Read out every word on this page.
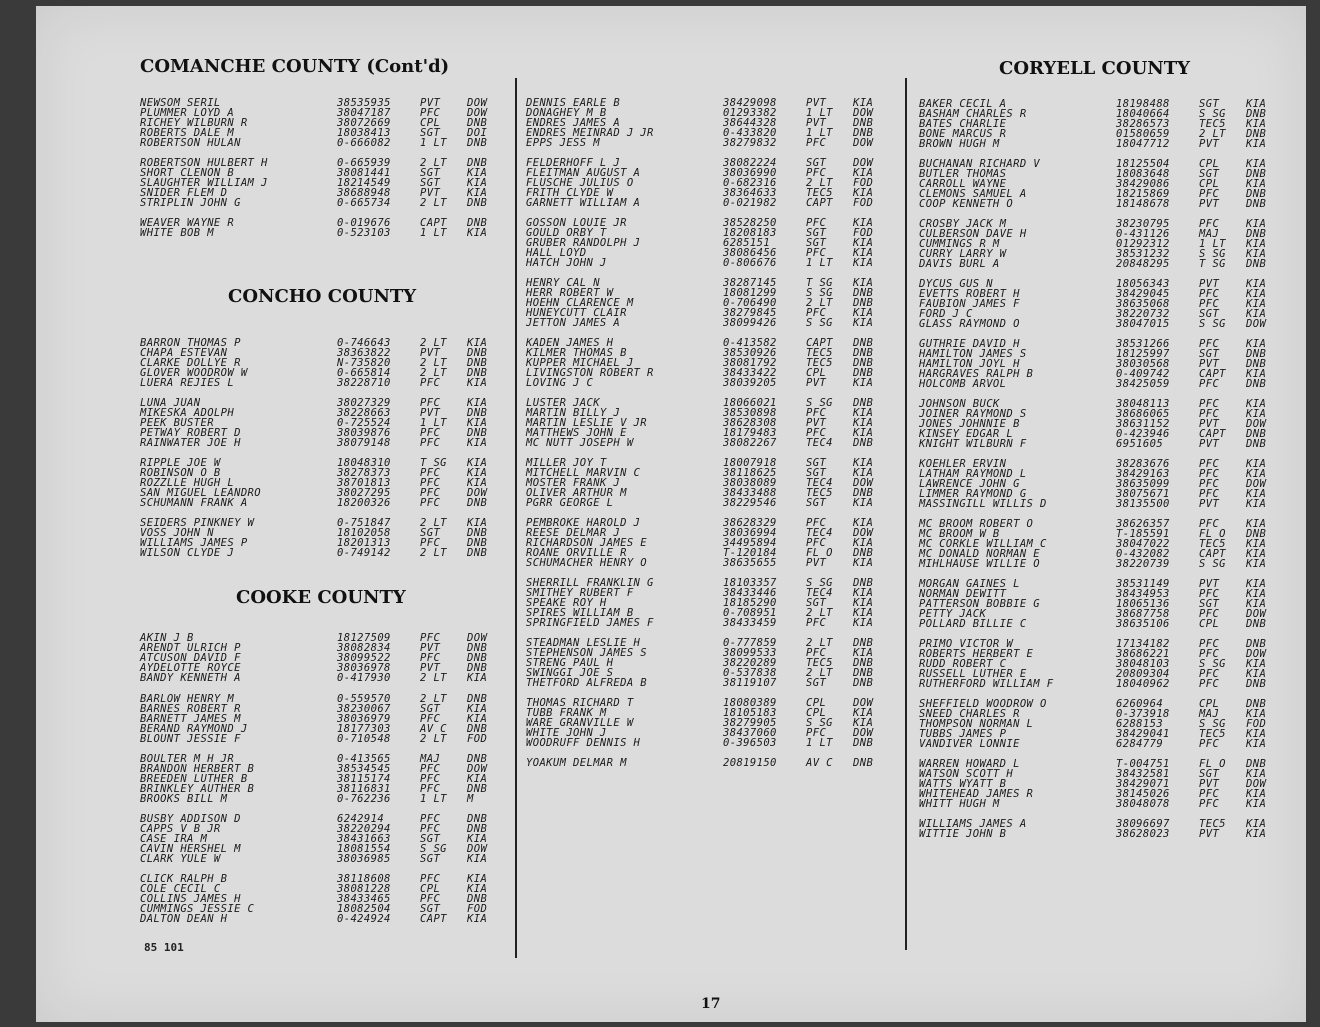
COMANCHE COUNTY (Cont'd)
NEWSOM SERIL	38535935	PVT	DOW
PLUMMER LOYD A	38047187	PFC	DOW
RICHEY WILBURN R	38072669	CPL	DNB
ROBERTS DALE M	18038413	SGT	DOI
ROBERTSON HULAN	0-666082	1 LT DNB
ROBERTSON HULBERT H	0-665939	2 LT DNB
SHORT CLENON B	38081441	SGT	KIA
SLAUGHTER WILLIAM J	18214549	SGT	KIA
SNIDER FLEM D	38688948	PVT	KIA
STRIPLIN JOHN G	0-665734	2 LT DNB
WEAVER WAYNE R	0-019676	CAPT DNB
WHITE BOB M	0-523103	1 LT KIA
CONCHO COUNTY
BARRON THOMAS P	0-746643	2 LT KIA
CHAPA ESTEVAN	38363822	PVT	DNB
CLARKE DOLLYE R	N-735820	2 LT DNB
GLOVER WOODROW W	0-665814	2 LT DNB
LUERA REJIES L	38228710	PFC	KIA
LUNA JUAN	38027329	PFC	KIA
MIKESKA ADOLPH	38228663	PVT	DNB
PEEK BUSTER	0-725524	1 LT KIA
PETWAY ROBERT D	38039876	PFC	DNB
RAINWATER JOE H	38079148	PFC	KIA
RIPPLE JOE W	18048310	T SG KIA
ROBINSON O B	38278373	PFC	KIA
ROZZLLE HUGH L	38701813	PFC	KIA
SAN MIGUEL LEANDRO	38027295	PFC	DOW
SCHUMANN FRANK A	18200326	PFC	DNB
SEIDERS PINKNEY W	0-751847	2 LT KIA
VOSS JOHN N	18102058	SGT	DNB
WILLIAMS JAMES P	18201313	PFC	DNB
WILSON CLYDE J	0-749142	2 LT DNB
COOKE COUNTY
AKIN J B	18127509	PFC	DOW
ARENDT ULRICH P	38082834	PVT	DNB
ATCUSON DAVID F	38099522	PFC	DNB
AYDELOTTE ROYCE	38036978	PVT	DNB
BANDY KENNETH A	0-417930	2 LT KIA
BARLOW HENRY M	0-559570	2 LT DNB
BARNES ROBERT R	38230067	SGT	KIA
BARNETT JAMES M	38036979	PFC	KIA
BERAND RAYMOND J	18177303	AV C DNB
BLOUNT JESSIE F	0-710548	2 LT FOD
BOULTER M H JR	0-413565	MAJ	DNB
BRANDON HERBERT B	38534545	PFC	DOW
BREEDEN LUTHER B	38115174	PFC	KIA
BRINKLEY AUTHER B	38116831	PFC	DNB
BROOKS BILL M	0-762236	1 LT M
BUSBY ADDISON D	6242914	PFC	DNB
CAPPS V B JR	38220294	PFC	DNB
CASE IRA M	38431663	SGT	KIA
CAVIN HERSHEL M	18081554	S SG DOW
CLARK YULE W	38036985	SGT	KIA
CLICK RALPH B	38118608	PFC	KIA
COLE CECIL C	38081228	CPL	KIA
COLLINS JAMES H	38433465	PFC	DNB
CUMMINGS JESSIE C	18082504	SGT	FOD
DALTON DEAN H	0-424924	CAPT KIA
DENNIS EARLE B	38429098	PVT	KIA
DONAGHEY M B	01293382	1 LT DOW
ENDRES JAMES A	38644328	PVT	DNB
ENDRES MEINRAD J JR	0-433820	1 LT DNB
EPPS JESS M	38279832	PFC	DOW
FELDERHOFF L J	38082224	SGT	DOW
FLEITMAN AUGUST A	38036990	PFC	KIA
FLUSCHE JULIUS O	0-682316	2 LT FOD
FRITH CLYDE W	38364633	TEC5 KIA
GARNETT WILLIAM A	0-021982	CAPT FOD
GOSSON LOUIE JR	38528250	PFC	KIA
GOULD ORBY T	18208183	SGT	FOD
GRUBER RANDOLPH J	6285151	SGT	KIA
HALL LOYD	38086456	PFC	KIA
HATCH JOHN J	0-806676	1 LT KIA
HENRY CAL N	38287145	T SG KIA
HERR ROBERT W	18081299	S SG DNB
HOEHN CLARENCE M	0-706490	2 LT DNB
HUNEYCUTT CLAIR	38279845	PFC	KIA
JETTON JAMES A	38099426	S SG KIA
KADEN JAMES H	0-413582	CAPT DNB
KILMER THOMAS B	38530926	TEC5 DNB
KUPPER MICHAEL J	38081792	TEC5 DNB
LIVINGSTON ROBERT R	38433422	CPL	DNB
LOVING J C	38039205	PVT	KIA
LUSTER JACK	18066021	S SG DNB
MARTIN BILLY J	38530898	PFC	KIA
MARTIN LESLIE V JR	38628308	PVT	KIA
MATTHEWS JOHN E	18179483	PFC	KIA
MC NUTT JOSEPH W	38082267	TEC4 DNB
MILLER JOY T	18007918	SGT	KIA
MITCHELL MARVIN C	38118625	SGT	KIA
MOSTER FRANK J	38038089	TEC4 DOW
OLIVER ARTHUR M	38433488	TEC5 DNB
PGRR GEORGE L	38229546	SGT	KIA
PEMBROKE HAROLD J	38628329	PFC	KIA
REESE DELMAR J	38036994	TEC4 DOW
RICHARDSON JAMES E	34495894	PFC	KIA
ROANE ORVILLE R	T-120184	FL O DNB
SCHUMACHER HENRY O	38635655	PVT	KIA
SHERRILL FRANKLIN G	18103357	S SG DNB
SMITHEY RUBERT F	38433446	TEC4 KIA
SPEAKE ROY H	18185290	SGT	KIA
SPIRES WILLIAM B	0-708951	2 LT KIA
SPRINGFIELD JAMES F	38433459	PFC	KIA
STEADMAN LESLIE H	0-777859	2 LT DNB
STEPHENSON JAMES S	38099533	PFC	KIA
STRENG PAUL H	38220289	TEC5 DNB
SWINGGI JOE S	0-537838	2 LT DNB
THETFORD ALFREDA B	38119107	SGT	DNB
THOMAS RICHARD T	18080389	CPL	DOW
TUBB FRANK M	18105183	CPL	KIA
WARE GRANVILLE W	38279905	S SG KIA
WHITE JOHN J	38437060	PFC	DOW
WOODRUFF DENNIS H	0-396503	1 LT DNB
YOAKUM DELMAR M	20819150	AV C DNB
CORYELL COUNTY
BAKER CECIL A	18198488	SGT	KIA
BASHAM CHARLES R	18040664	S SG DNB
BATES CHARLIE	38286573	TEC5 KIA
BONE MARCUS R	01580659	2 LT DNB
BROWN HUGH M	18047712	PVT	KIA
BUCHANAN RICHARD V	18125504	CPL	KIA
BUTLER THOMAS	18083648	SGT	DNB
CARROLL WAYNE	38429086	CPL	KIA
CLEMONS SAMUEL A	18215869	PFC	DNB
COOP KENNETH O	18148678	PVT	DNB
CROSBY JACK M	38230795	PFC	KIA
CULBERSON DAVE H	0-431126	MAJ	DNB
CUMMINGS R M	01292312	1 LT KIA
CURRY LARRY W	38531232	S SG KIA
DAVIS BURL A	20848295	T SG DNB
DYCUS GUS N	18056343	PVT	KIA
EVETTS ROBERT H	38429045	PFC	KIA
FAUBION JAMES F	38635068	PFC	KIA
FORD J C	38220732	SGT	KIA
GLASS RAYMOND O	38047015	S SG DOW
GUTHRIE DAVID H	38531266	PFC	KIA
HAMILTON JAMES S	18125997	SGT	DNB
HAMILTON JOYL H	38030568	PVT	DNB
HARGRAVES RALPH B	0-409742	CAPT KIA
HOLCOMB ARVOL	38425059	PFC	DNB
JOHNSON BUCK	38048113	PFC	KIA
JOINER RAYMOND S	38686065	PFC	KIA
JONES JOHNNIE B	38631152	PVT	DOW
KINSEY EDGAR L	0-423946	CAPT DNB
KNIGHT WILBURN F	6951605	PVT	DNB
KOEHLER ERVIN	38283676	PFC	KIA
LATHAM RAYMOND L	38429163	PFC	KIA
LAWRENCE JOHN G	38635099	PFC	DOW
LIMMER RAYMOND G	38075671	PFC	KIA
MASSINGILL WILLIS D	38135500	PVT	KIA
MC BROOM ROBERT O	38626357	PFC	KIA
MC BROOM W B	T-185591	FL O DNB
MC CORKLE WILLIAM C	38047022	TEC5 KIA
MC DONALD NORMAN E	0-432082	CAPT KIA
MIHLHAUSE WILLIE O	38220739	S SG KIA
MORGAN GAINES L	38531149	PVT	KIA
NORMAN DEWITT	38434953	PFC	KIA
PATTERSON BOBBIE G	18065136	SGT	KIA
PETTY JACK	38687758	PFC	DOW
POLLARD BILLIE C	38635106	CPL	DNB
PRIMO VICTOR W	17134182	PFC	DNB
ROBERTS HERBERT E	38686221	PFC	DOW
RUDD ROBERT C	38048103	S SG KIA
RUSSELL LUTHER E	20809304	PFC	KIA
RUTHERFORD WILLIAM F	18040962	PFC	DNB
SHEFFIELD WOODROW O	6260964	CPL	DNB
SNEED CHARLES R	0-373918	MAJ	KIA
THOMPSON NORMAN L	6288153	S SG FOD
TUBBS JAMES P	38429041	TEC5 KIA
VANDIVER LONNIE	6284779	PFC	KIA
WARREN HOWARD L	T-004751	FL O DNB
WATSON SCOTT H	38432581	SGT	KIA
WATTS WYATT B	38429071	PVT	DOW
WHITEHEAD JAMES R	38145026	PFC	KIA
WHITT HUGH M	38048078	PFC	KIA
WILLIAMS JAMES A	38096697	TEC5 KIA
WITTIE JOHN B	38628023	PVT	KIA
85 101
17
